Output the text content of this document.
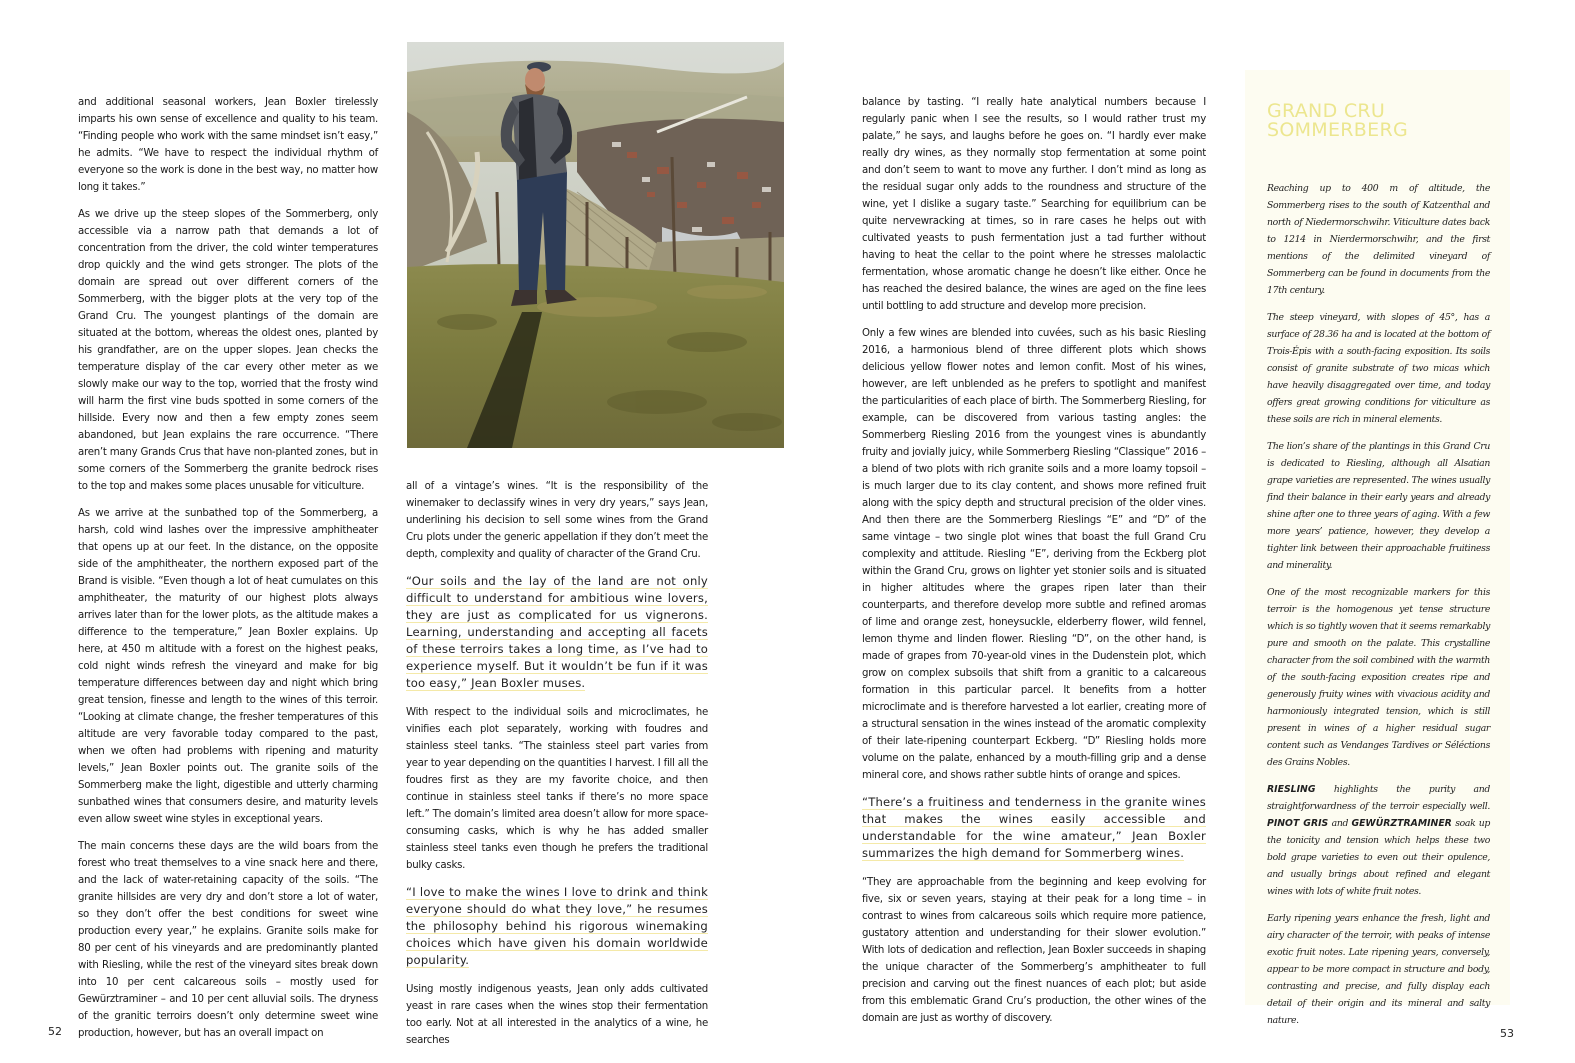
and additional seasonal workers, Jean Boxler tirelessly imparts his own sense of excellence and quality to his team. “Finding people who work with the same mindset isn’t easy,” he admits. “We have to respect the individual rhythm of everyone so the work is done in the best way, no matter how long it takes.”

As we drive up the steep slopes of the Sommerberg, only accessible via a narrow path that demands a lot of concentration from the driver, the cold winter temperatures drop quickly and the wind gets stronger. The plots of the domain are spread out over different corners of the Sommerberg, with the bigger plots at the very top of the Grand Cru. The youngest plantings of the domain are situated at the bottom, whereas the oldest ones, planted by his grandfather, are on the upper slopes. Jean checks the temperature display of the car every other meter as we slowly make our way to the top, worried that the frosty wind will harm the first vine buds spotted in some corners of the hillside. Every now and then a few empty zones seem abandoned, but Jean explains the rare occurrence. “There aren’t many Grands Crus that have non-planted zones, but in some corners of the Sommerberg the granite bedrock rises to the top and makes some places unusable for viticulture.

As we arrive at the sunbathed top of the Sommerberg, a harsh, cold wind lashes over the impressive amphitheater that opens up at our feet. In the distance, on the opposite side of the amphitheater, the northern exposed part of the Brand is visible. “Even though a lot of heat cumulates on this amphitheater, the maturity of our highest plots always arrives later than for the lower plots, as the altitude makes a difference to the temperature,” Jean Boxler explains. Up here, at 450 m altitude with a forest on the highest peaks, cold night winds refresh the vineyard and make for big temperature differences between day and night which bring great tension, finesse and length to the wines of this terroir. “Looking at climate change, the fresher temperatures of this altitude are very favorable today compared to the past, when we often had problems with ripening and maturity levels,” Jean Boxler points out. The granite soils of the Sommerberg make the light, digestible and utterly charming sunbathed wines that consumers desire, and maturity levels even allow sweet wine styles in exceptional years.

The main concerns these days are the wild boars from the forest who treat themselves to a vine snack here and there, and the lack of water-retaining capacity of the soils. “The granite hillsides are very dry and don’t store a lot of water, so they don’t offer the best conditions for sweet wine production every year,” he explains. Granite soils make for 80 per cent of his vineyards and are predominantly planted with Riesling, while the rest of the vineyard sites break down into 10 per cent calcareous soils – mostly used for Gewürztraminer – and 10 per cent alluvial soils. The dryness of the granitic terroirs doesn’t only determine sweet wine production, however, but has an overall impact on

all of a vintage’s wines. “It is the responsibility of the winemaker to declassify wines in very dry years,” says Jean, underlining his decision to sell some wines from the Grand Cru plots under the generic appellation if they don’t meet the depth, complexity and quality of character of the Grand Cru.

“Our soils and the lay of the land are not only difficult to understand for ambitious wine lovers, they are just as complicated for us vignerons. Learning, understanding and accepting all facets of these terroirs takes a long time, as I’ve had to experience myself. But it wouldn’t be fun if it was too easy,” Jean Boxler muses.

With respect to the individual soils and microclimates, he vinifies each plot separately, working with foudres and stainless steel tanks. “The stainless steel part varies from year to year depending on the quantities I harvest. I fill all the foudres first as they are my favorite choice, and then continue in stainless steel tanks if there’s no more space left.” The domain’s limited area doesn’t allow for more space-consuming casks, which is why he has added smaller stainless steel tanks even though he prefers the traditional bulky casks.

“I love to make the wines I love to drink and think everyone should do what they love,” he resumes the philosophy behind his rigorous winemaking choices which have given his domain worldwide popularity.

Using mostly indigenous yeasts, Jean only adds cultivated yeast in rare cases when the wines stop their fermentation too early. Not at all interested in the analytics of a wine, he searches

52

balance by tasting. “I really hate analytical numbers because I regularly panic when I see the results, so I would rather trust my palate,” he says, and laughs before he goes on. “I hardly ever make really dry wines, as they normally stop fermentation at some point and don’t seem to want to move any further. I don’t mind as long as the residual sugar only adds to the roundness and structure of the wine, yet I dislike a sugary taste.” Searching for equilibrium can be quite nervewracking at times, so in rare cases he helps out with cultivated yeasts to push fermentation just a tad further without having to heat the cellar to the point where he stresses malolactic fermentation, whose aromatic change he doesn’t like either. Once he has reached the desired balance, the wines are aged on the fine lees until bottling to add structure and develop more precision.

Only a few wines are blended into cuvées, such as his basic Riesling 2016, a harmonious blend of three different plots which shows delicious yellow flower notes and lemon confit. Most of his wines, however, are left unblended as he prefers to spotlight and manifest the particularities of each place of birth. The Sommerberg Riesling, for example, can be discovered from various tasting angles: the Sommerberg Riesling 2016 from the youngest vines is abundantly fruity and jovially juicy, while Sommerberg Riesling “Classique” 2016 – a blend of two plots with rich granite soils and a more loamy topsoil – is much larger due to its clay content, and shows more refined fruit along with the spicy depth and structural precision of the older vines. And then there are the Sommerberg Rieslings “E” and “D” of the same vintage – two single plot wines that boast the full Grand Cru complexity and attitude. Riesling “E”, deriving from the Eckberg plot within the Grand Cru, grows on lighter yet stonier soils and is situated in higher altitudes where the grapes ripen later than their counterparts, and therefore develop more subtle and refined aromas of lime and orange zest, honeysuckle, elderberry flower, wild fennel, lemon thyme and linden flower. Riesling “D”, on the other hand, is made of grapes from 70-year-old vines in the Dudenstein plot, which grow on complex subsoils that shift from a granitic to a calcareous formation in this particular parcel. It benefits from a hotter microclimate and is therefore harvested a lot earlier, creating more of a structural sensation in the wines instead of the aromatic complexity of their late-ripening counterpart Eckberg. “D” Riesling holds more volume on the palate, enhanced by a mouth-filling grip and a dense mineral core, and shows rather subtle hints of orange and spices.

“There’s a fruitiness and tenderness in the granite wines that makes the wines easily accessible and understandable for the wine amateur,” Jean Boxler summarizes the high demand for Sommerberg wines.

“They are approachable from the beginning and keep evolving for five, six or seven years, staying at their peak for a long time – in contrast to wines from calcareous soils which require more patience, gustatory attention and understanding for their slower evolution.” With lots of dedication and reflection, Jean Boxler succeeds in shaping the unique character of the Sommerberg’s amphitheater to full precision and carving out the finest nuances of each plot; but aside from this emblematic Grand Cru’s production, the other wines of the domain are just as worthy of discovery.

GRAND CRU
SOMMERBERG

Reaching up to 400 m of altitude, the Sommerberg rises to the south of Katzenthal and north of Niedermorschwihr. Viticulture dates back to 1214 in Nierdermorschwihr, and the first mentions of the delimited vineyard of Sommerberg can be found in documents from the 17th century.

The steep vineyard, with slopes of 45°, has a surface of 28.36 ha and is located at the bottom of Trois-Épis with a south-facing exposition. Its soils consist of granite substrate of two micas which have heavily disaggregated over time, and today offers great growing conditions for viticulture as these soils are rich in mineral elements.

The lion’s share of the plantings in this Grand Cru is dedicated to Riesling, although all Alsatian grape varieties are represented. The wines usually find their balance in their early years and already shine after one to three years of aging. With a few more years’ patience, however, they develop a tighter link between their approachable fruitiness and minerality.

One of the most recognizable markers for this terroir is the homogenous yet tense structure which is so tightly woven that it seems remarkably pure and smooth on the palate. This crystalline character from the soil combined with the warmth of the south-facing exposition creates ripe and generously fruity wines with vivacious acidity and harmoniously integrated tension, which is still present in wines of a higher residual sugar content such as Vendanges Tardives or Séléctions des Grains Nobles.

RIESLING highlights the purity and straightforwardness of the terroir especially well. PINOT GRIS and GEWÜRZTRAMINER soak up the tonicity and tension which helps these two bold grape varieties to even out their opulence, and usually brings about refined and elegant wines with lots of white fruit notes.

Early ripening years enhance the fresh, light and airy character of the terroir, with peaks of intense exotic fruit notes. Late ripening years, conversely, appear to be more compact in structure and body, contrasting and precise, and fully display each detail of their origin and its mineral and salty nature.

53
